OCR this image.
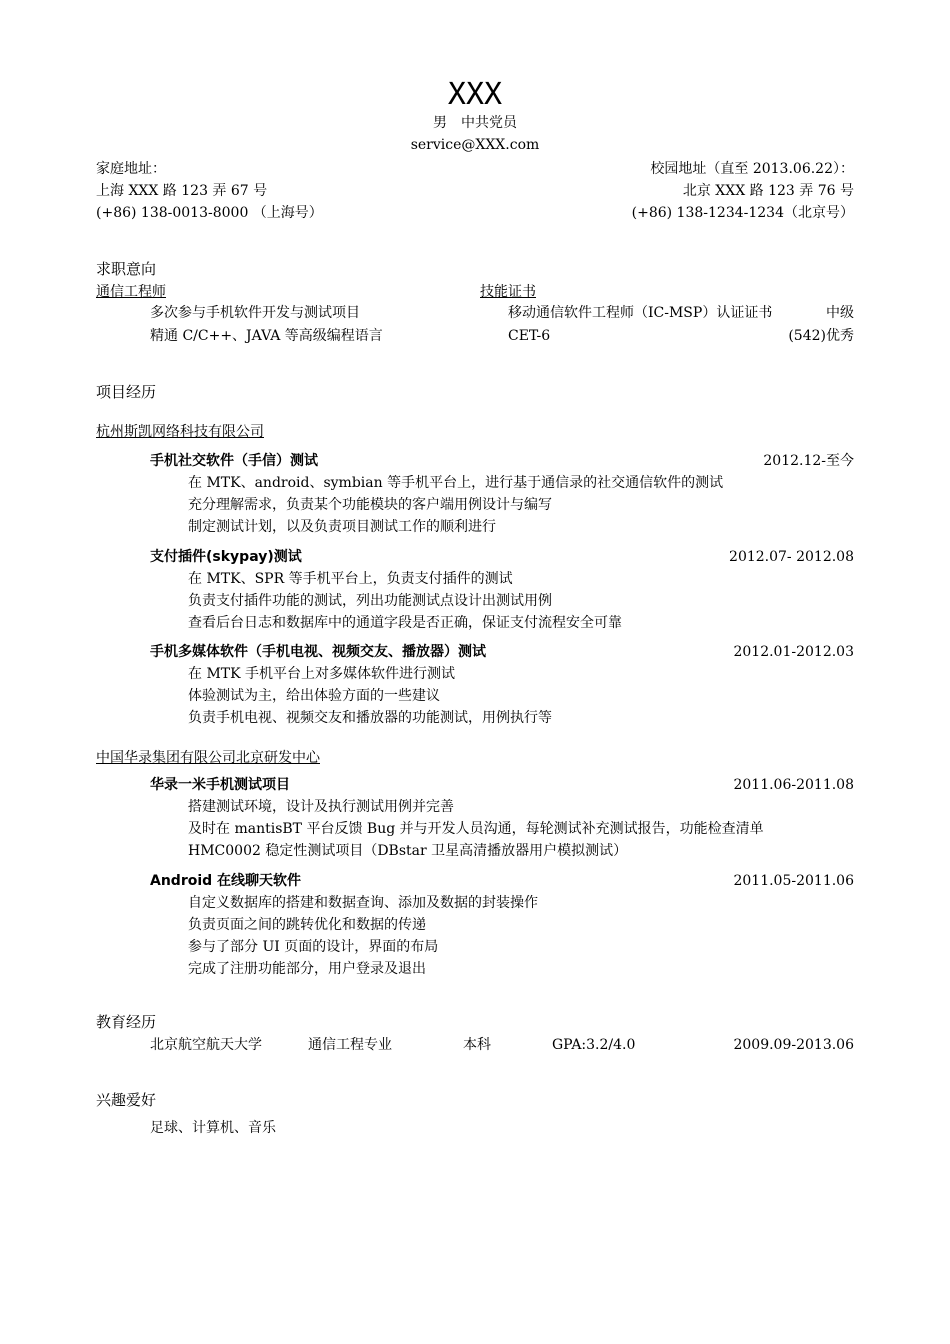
XXX
男　中共党员
service@XXX.com
家庭地址：
上海 XXX 路 123 弄 67 号
(+86) 138-0013-8000 （上海号）
校园地址（直至 2013.06.22）：
北京 XXX 路 123 弄 76 号
(+86) 138-1234-1234（北京号）
求职意向
通信工程师
多次参与手机软件开发与测试项目
精通 C/C++、JAVA 等高级编程语言
技能证书
移动通信软件工程师（IC-MSP）认证证书	中级
CET-6	(542)优秀
项目经历
杭州斯凯网络科技有限公司
手机社交软件（手信）测试	2012.12-至今
在 MTK、android、symbian 等手机平台上，进行基于通信录的社交通信软件的测试
充分理解需求，负责某个功能模块的客户端用例设计与编写
制定测试计划，以及负责项目测试工作的顺利进行
支付插件(skypay)测试	2012.07- 2012.08
在 MTK、SPR 等手机平台上，负责支付插件的测试
负责支付插件功能的测试，列出功能测试点设计出测试用例
查看后台日志和数据库中的通道字段是否正确，保证支付流程安全可靠
手机多媒体软件（手机电视、视频交友、播放器）测试	2012.01-2012.03
在 MTK 手机平台上对多媒体软件进行测试
体验测试为主，给出体验方面的一些建议
负责手机电视、视频交友和播放器的功能测试，用例执行等
中国华录集团有限公司北京研发中心
华录一米手机测试项目	2011.06-2011.08
搭建测试环境，设计及执行测试用例并完善
及时在 mantisBT 平台反馈 Bug 并与开发人员沟通，每轮测试补充测试报告，功能检查清单
HMC0002 稳定性测试项目（DBstar 卫星高清播放器用户模拟测试）
Android 在线聊天软件	2011.05-2011.06
自定义数据库的搭建和数据查询、添加及数据的封装操作
负责页面之间的跳转优化和数据的传递
参与了部分 UI 页面的设计，界面的布局
完成了注册功能部分，用户登录及退出
教育经历
北京航空航天大学	通信工程专业	本科	GPA:3.2/4.0	2009.09-2013.06
兴趣爱好
足球、计算机、音乐
